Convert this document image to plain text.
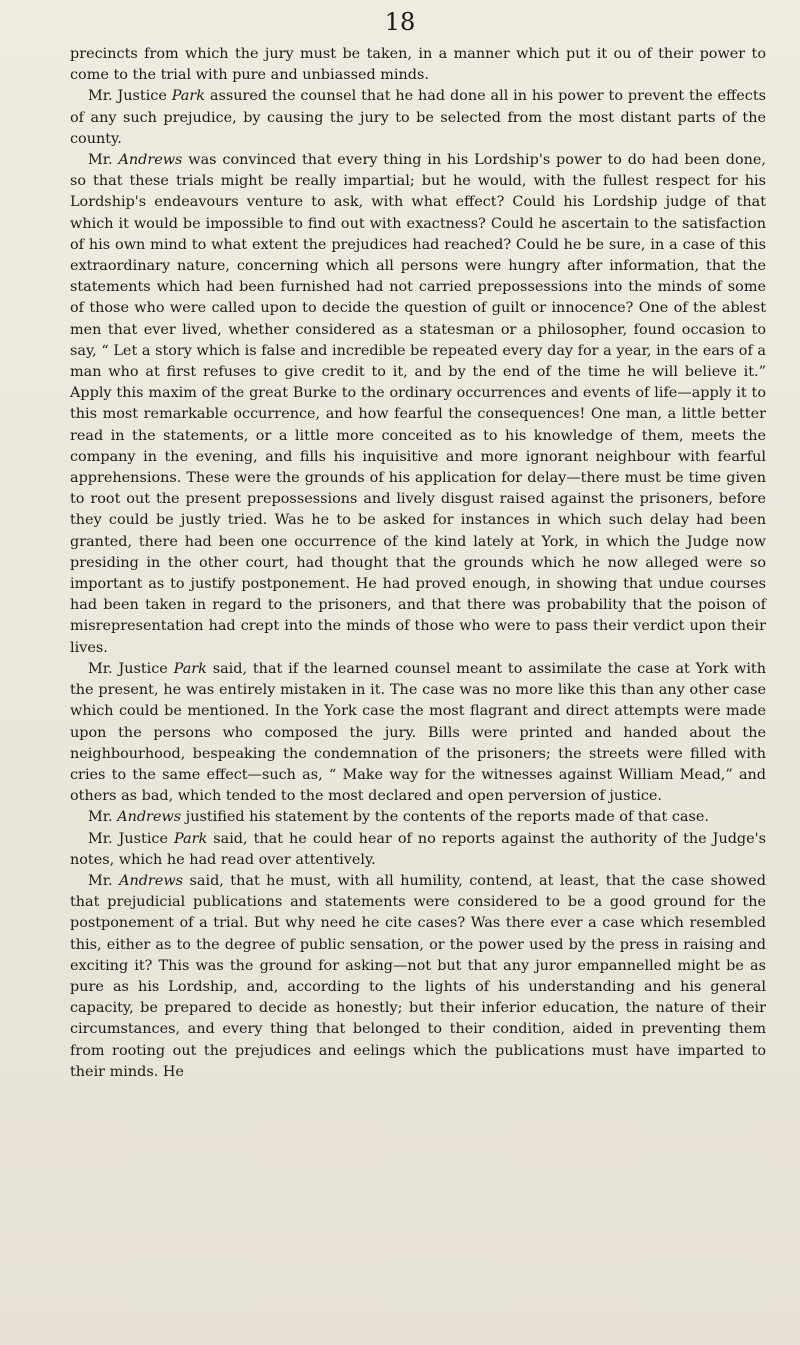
18

precincts from which the jury must be taken, in a manner which put it ou of their power to come to the trial with pure and unbiassed minds.

Mr. Justice Park assured the counsel that he had done all in his power to prevent the effects of any such prejudice, by causing the jury to be selected from the most distant parts of the county.

Mr. Andrews was convinced that every thing in his Lordship's power to do had been done, so that these trials might be really impartial; but he would, with the fullest respect for his Lordship's endeavours venture to ask, with what effect? Could his Lordship judge of that which it would be impossible to find out with exactness? Could he ascertain to the satisfaction of his own mind to what extent the prejudices had reached? Could he be sure, in a case of this extraordinary nature, concerning which all persons were hungry after information, that the statements which had been furnished had not carried prepossessions into the minds of some of those who were called upon to decide the question of guilt or innocence? One of the ablest men that ever lived, whether considered as a statesman or a philosopher, found occasion to say, “ Let a story which is false and incredible be repeated every day for a year, in the ears of a man who at first refuses to give credit to it, and by the end of the time he will believe it.” Apply this maxim of the great Burke to the ordinary occurrences and events of life—apply it to this most remarkable occurrence, and how fearful the consequences! One man, a little better read in the statements, or a little more conceited as to his knowledge of them, meets the company in the evening, and fills his inquisitive and more ignorant neighbour with fearful apprehensions. These were the grounds of his application for delay—there must be time given to root out the present prepossessions and lively disgust raised against the prisoners, before they could be justly tried. Was he to be asked for instances in which such delay had been granted, there had been one occurrence of the kind lately at York, in which the Judge now presiding in the other court, had thought that the grounds which he now alleged were so important as to justify postponement. He had proved enough, in showing that undue courses had been taken in regard to the prisoners, and that there was probability that the poison of misrepresentation had crept into the minds of those who were to pass their verdict upon their lives.

Mr. Justice Park said, that if the learned counsel meant to assimilate the case at York with the present, he was entirely mistaken in it. The case was no more like this than any other case which could be mentioned. In the York case the most flagrant and direct attempts were made upon the persons who composed the jury. Bills were printed and handed about the neighbourhood, bespeaking the condemnation of the prisoners; the streets were filled with cries to the same effect—such as, “ Make way for the witnesses against William Mead,” and others as bad, which tended to the most declared and open perversion of justice.

Mr. Andrews justified his statement by the contents of the reports made of that case.

Mr. Justice Park said, that he could hear of no reports against the authority of the Judge's notes, which he had read over attentively.

Mr. Andrews said, that he must, with all humility, contend, at least, that the case showed that prejudicial publications and statements were considered to be a good ground for the postponement of a trial. But why need he cite cases? Was there ever a case which resembled this, either as to the degree of public sensation, or the power used by the press in raising and exciting it? This was the ground for asking—not but that any juror empannelled might be as pure as his Lordship, and, according to the lights of his understanding and his general capacity, be prepared to decide as honestly; but their inferior education, the nature of their circumstances, and every thing that belonged to their condition, aided in preventing them from rooting out the prejudices and eelings which the publications must have imparted to their minds. He
